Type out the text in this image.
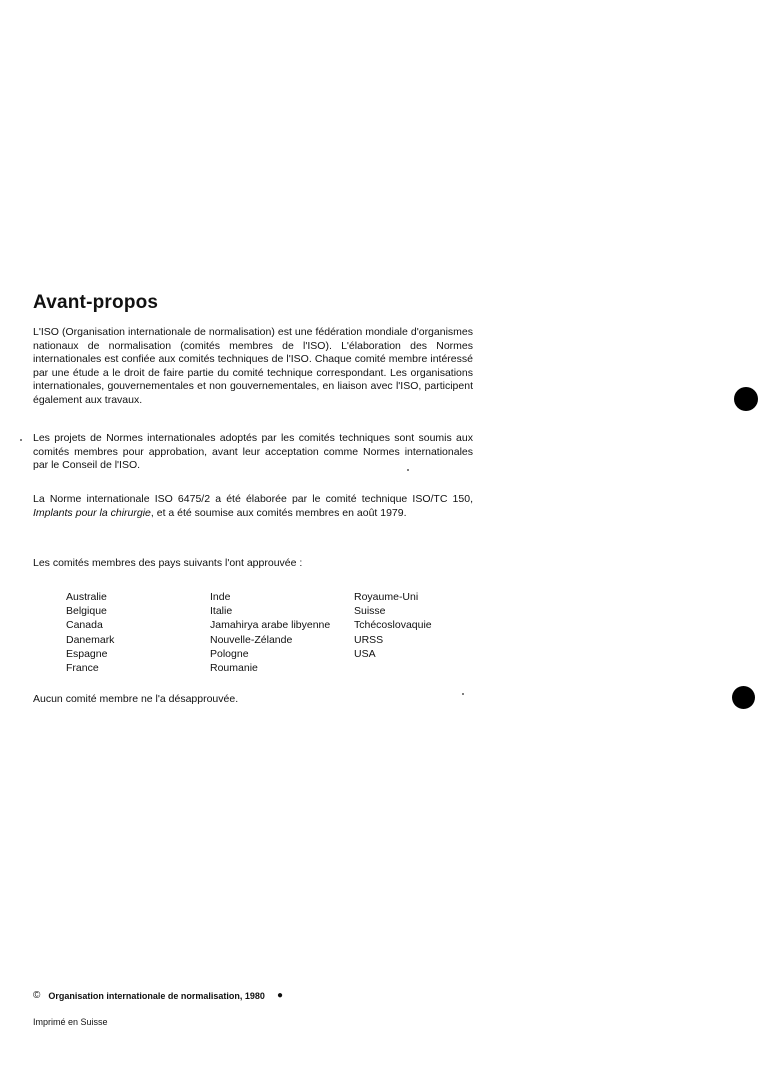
Avant-propos

L'ISO (Organisation internationale de normalisation) est une fédération mondiale d'organismes nationaux de normalisation (comités membres de l'ISO). L'élaboration des Normes internationales est confiée aux comités techniques de l'ISO. Chaque comité membre intéressé par une étude a le droit de faire partie du comité technique correspondant. Les organisations internationales, gouvernementales et non gouvernementales, en liaison avec l'ISO, participent également aux travaux.

Les projets de Normes internationales adoptés par les comités techniques sont soumis aux comités membres pour approbation, avant leur acceptation comme Normes internationales par le Conseil de l'ISO.

La Norme internationale ISO 6475/2 a été élaborée par le comité technique ISO/TC 150, Implants pour la chirurgie, et a été soumise aux comités membres en août 1979.

Les comités membres des pays suivants l'ont approuvée :

Australie
Belgique
Canada
Danemark
Espagne
France
Inde
Italie
Jamahirya arabe libyenne
Nouvelle-Zélande
Pologne
Roumanie
Royaume-Uni
Suisse
Tchécoslovaquie
URSS
USA

Aucun comité membre ne l'a désapprouvée.

© Organisation internationale de normalisation, 1980 ●
Imprimé en Suisse
